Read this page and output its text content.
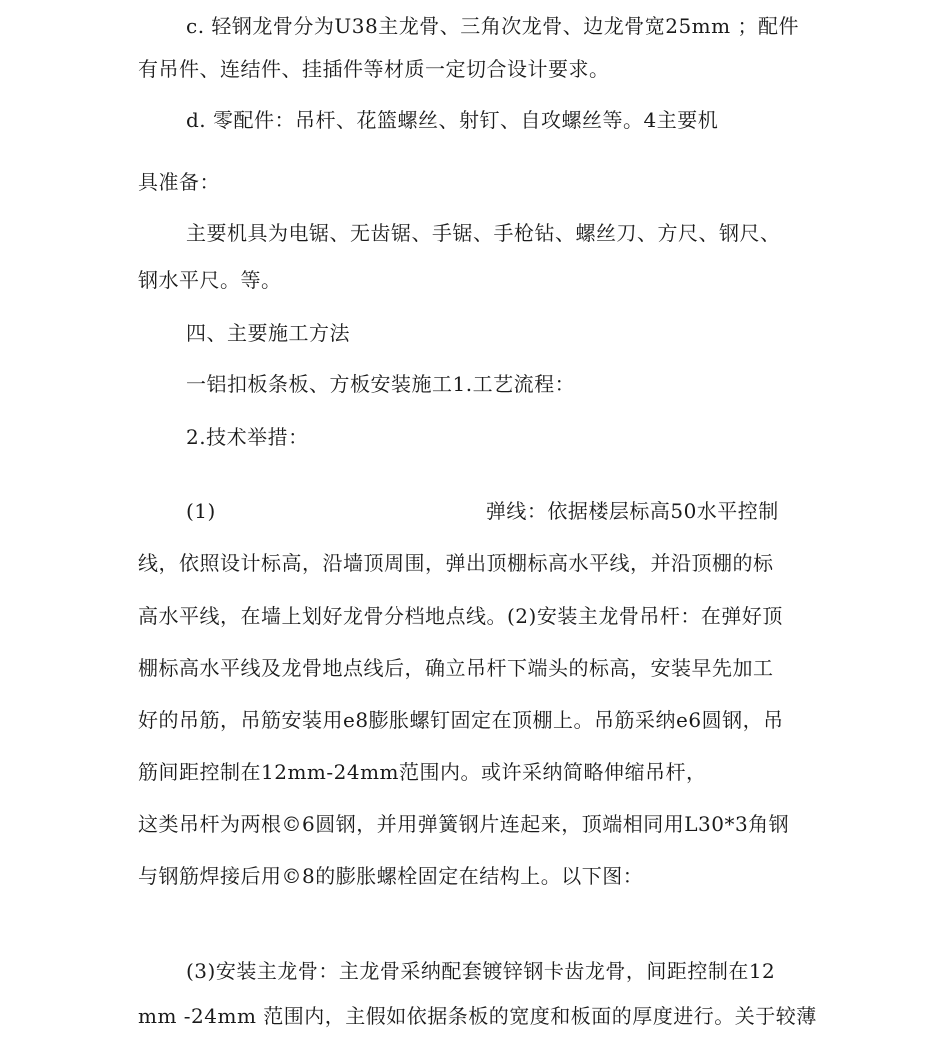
c. 轻钢龙骨分为U38主龙骨、三角次龙骨、边龙骨宽25mm ；配件
有吊件、连结件、挂插件等材质一定切合设计要求。
d. 零配件：吊杆、花篮螺丝、射钉、自攻螺丝等。4主要机
具准备：
主要机具为电锯、无齿锯、手锯、手枪钻、螺丝刀、方尺、钢尺、
钢水平尺。等。
四、主要施工方法
一铝扣板条板、方板安装施工1.工艺流程：
2.技术举措：
(1)	弹线：依据楼层标高50水平控制
线，依照设计标高，沿墙顶周围，弹出顶棚标高水平线，并沿顶棚的标
高水平线，在墙上划好龙骨分档地点线。(2)安装主龙骨吊杆：在弹好顶
棚标高水平线及龙骨地点线后，确立吊杆下端头的标高，安装早先加工
好的吊筋，吊筋安装用e8膨胀螺钉固定在顶棚上。吊筋采纳e6圆钢，吊
筋间距控制在12mm-24mm范围内。或许采纳简略伸缩吊杆，
这类吊杆为两根©6圆钢，并用弹簧钢片连起来，顶端相同用L30*3角钢
与钢筋焊接后用©8的膨胀螺栓固定在结构上。以下图：
(3)安装主龙骨：主龙骨采纳配套镀锌钢卡齿龙骨，间距控制在12
mm -24mm 范围内，主假如依据条板的宽度和板面的厚度进行。关于较薄
